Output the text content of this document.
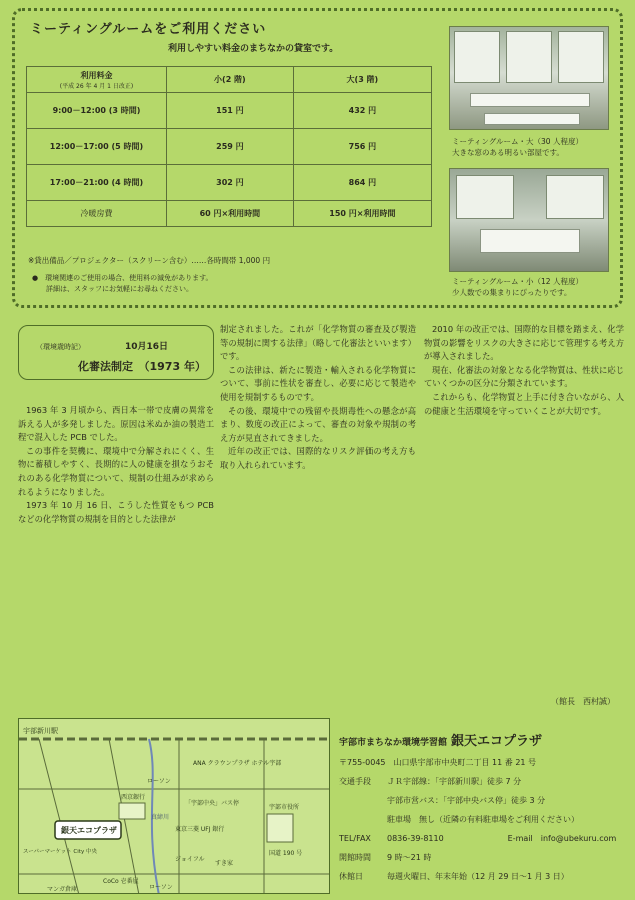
ミーティングルームをご利用ください
利用しやすい料金のまちなかの貸室です。
利用料金
(平成 26 年 4 月 1 日改正)	小(2 階)	大(3 階)
9:00－12:00 (3 時間)	151 円	432 円
12:00－17:00 (5 時間)	259 円	756 円
17:00－21:00 (4 時間)	302 円	864 円
冷暖房費	60 円×利用時間	150 円×利用時間
※貸出備品／プロジェクター（スクリーン含む）……各時間帯 1,000 円
●　環境関連のご使用の場合、使用料の減免があります。
詳細は、スタッフにお気軽にお尋ねください。
ミーティングルーム・大（30 人程度）
大きな窓のある明るい部屋です。
ミーティングルーム・小（12 人程度）
少人数での集まりにぴったりです。
（環境歳時記）	10月16日
化審法制定　（1973 年）

1963 年 3 月頃から、西日本一帯で皮膚の異常を訴える人が多発しました。原因は米ぬか油の製造工程で混入した PCB でした。

この事件を契機に、環境中で分解されにくく、生物に蓄積しやすく、長期的に人の健康を損なうおそれのある化学物質について、規制の仕組みが求められるようになりました。

1973 年 10 月 16 日、こうした性質をもつ PCB などの化学物質の規制を目的とした法律が

制定されました。これが「化学物質の審査及び製造等の規制に関する法律」（略して化審法といいます）です。

この法律は、新たに製造・輸入される化学物質について、事前に性状を審査し、必要に応じて製造や使用を規制するものです。

その後、環境中での残留や長期毒性への懸念が高まり、数度の改正によって、審査の対象や規制の考え方が見直されてきました。

近年の改正では、国際的なリスク評価の考え方も取り入れられています。

2010 年の改正では、国際的な目標を踏まえ、化学物質の影響をリスクの大きさに応じて管理する考え方が導入されました。

現在、化審法の対象となる化学物質は、性状に応じていくつかの区分に分類されています。

これからも、化学物質と上手に付き合いながら、人の健康と生活環境を守っていくことが大切です。

（館長　西村誠）
宇部新川駅
ANA クラウンプラザ ホテル宇部
ローソン
西京銀行
「宇部中央」バス停
真締川
東京三菱 UFJ 銀行
銀天エコプラザ
宇部市役所
国道 190 号
スーパーマーケット City 中央
すき家
ジョイフル
CoCo 壱番屋
ローソン
マンガ倉庫
宇部市まちなか環境学習館 銀天エコプラザ
〒755-0045　山口県宇部市中央町二丁目 11 番 21 号
交通手段 ＪＲ宇部線：「宇部新川駅」徒歩 7 分
宇部市営バス：「宇部中央バス停」徒歩 3 分
駐車場　 無し（近隣の有料駐車場をご利用ください）
TEL/FAX 0836-39-8110	E-mail　 info@ubekuru.com
開館時間 9 時～21 時
休館日	毎週火曜日、年末年始（12 月 29 日～1 月 3 日）
